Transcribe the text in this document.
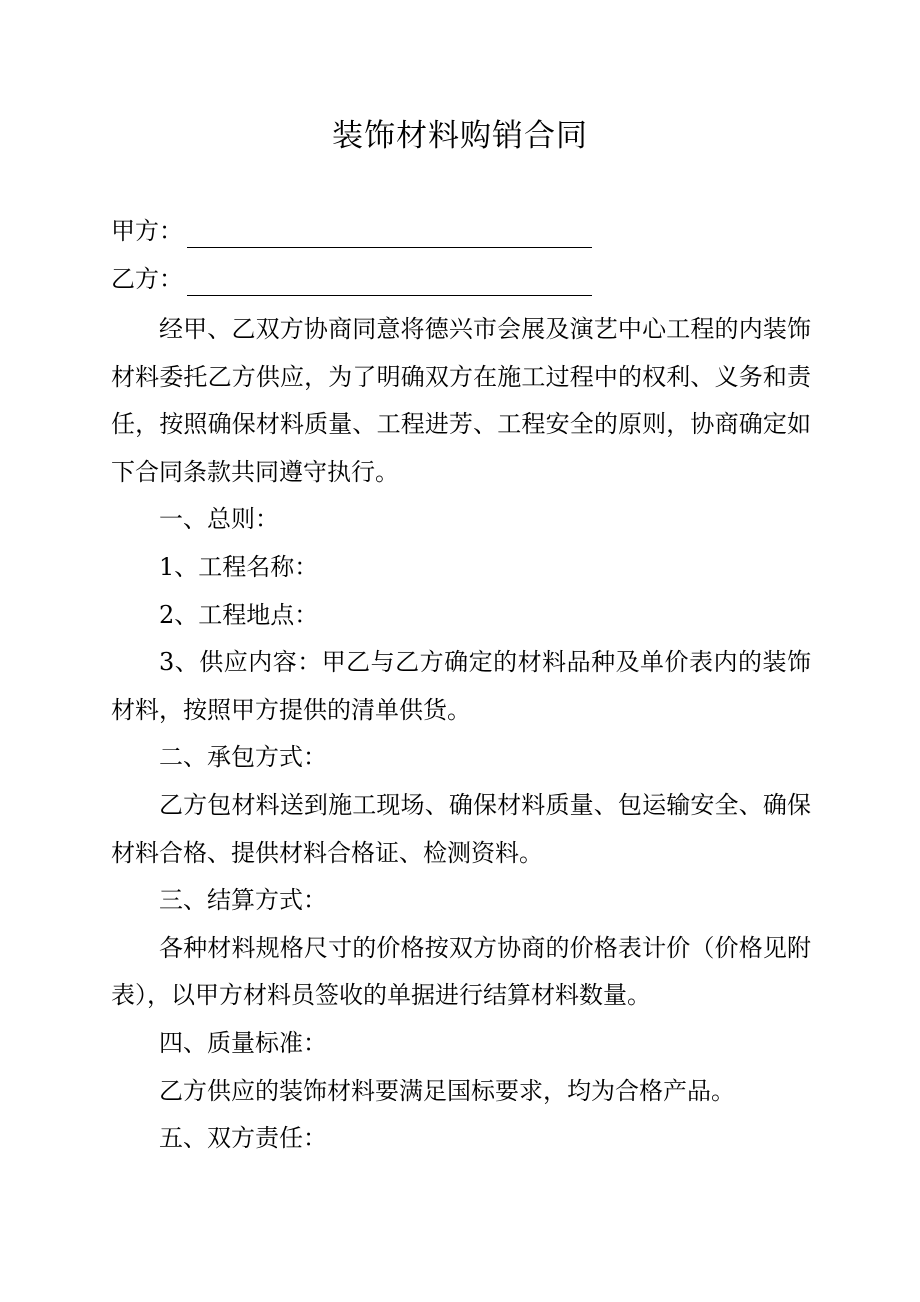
装饰材料购销合同
甲方：
乙方：

经甲、乙双方协商同意将德兴市会展及演艺中心工程的内装饰材料委托乙方供应，为了明确双方在施工过程中的权利、义务和责任，按照确保材料质量、工程进芳、工程安全的原则，协商确定如下合同条款共同遵守执行。

一、总则：

1、工程名称：

2、工程地点：

3、供应内容：甲乙与乙方确定的材料品种及单价表内的装饰材料，按照甲方提供的清单供货。

二、承包方式：

乙方包材料送到施工现场、确保材料质量、包运输安全、确保材料合格、提供材料合格证、检测资料。

三、结算方式：

各种材料规格尺寸的价格按双方协商的价格表计价（价格见附表），以甲方材料员签收的单据进行结算材料数量。

四、质量标准：

乙方供应的装饰材料要满足国标要求，均为合格产品。

五、双方责任：
